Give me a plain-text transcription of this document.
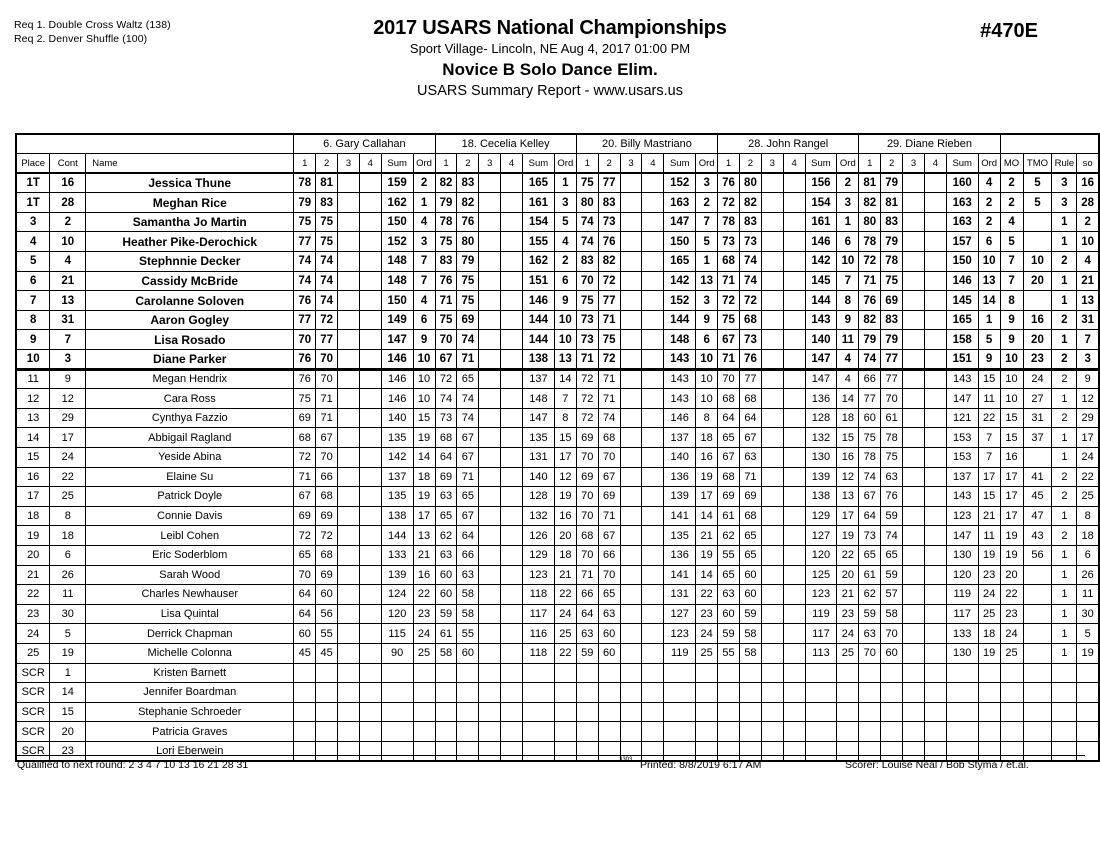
Req 1. Double Cross Waltz (138)
Req 2. Denver Shuffle (100)	2017 USARS National Championships
Sport Village- Lincoln, NE Aug 4, 2017 01:00 PM
Novice B Solo Dance Elim.
USARS Summary Report - www.usars.us
#470E
			6. Gary Callahan						18. Cecelia Kelley						20. Billy Mastriano						28. John Rangel						29. Diane Rieben									
Place	Cont	Name	1	2	3	4	Sum	Ord	1	2	3	4	Sum	Ord	1	2	3	4	Sum	Ord	1	2	3	4	Sum	Ord	1	2	3	4	Sum	Ord	MO	TMO	Rule	so
1T	16	Jessica Thune	78	81			159	2	82	83			165	1	75	77			152	3	76	80			156	2	81	79			160	4	2	5	3	16
1T	28	Meghan Rice	79	83			162	1	79	82			161	3	80	83			163	2	72	82			154	3	82	81			163	2	2	5	3	28
3	2	Samantha Jo Martin	75	75			150	4	78	76			154	5	74	73			147	7	78	83			161	1	80	83			163	2	4		1	2
4	10	Heather Pike-Derochick	77	75			152	3	75	80			155	4	74	76			150	5	73	73			146	6	78	79			157	6	5		1	10
5	4	Stephnnie Decker	74	74			148	7	83	79			162	2	83	82			165	1	68	74			142	10	72	78			150	10	7	10	2	4
6	21	Cassidy McBride	74	74			148	7	76	75			151	6	70	72			142	13	71	74			145	7	71	75			146	13	7	20	1	21
7	13	Carolanne Soloven	76	74			150	4	71	75			146	9	75	77			152	3	72	72			144	8	76	69			145	14	8		1	13
8	31	Aaron Gogley	77	72			149	6	75	69			144	10	73	71			144	9	75	68			143	9	82	83			165	1	9	16	2	31
9	7	Lisa Rosado	70	77			147	9	70	74			144	10	73	75			148	6	67	73			140	11	79	79			158	5	9	20	1	7
10	3	Diane Parker	76	70			146	10	67	71			138	13	71	72			143	10	71	76			147	4	74	77			151	9	10	23	2	3
11	9	Megan Hendrix	76	70			146	10	72	65			137	14	72	71			143	10	70	77			147	4	66	77			143	15	10	24	2	9
12	12	Cara Ross	75	71			146	10	74	74			148	7	72	71			143	10	68	68			136	14	77	70			147	11	10	27	1	12
13	29	Cynthya Fazzio	69	71			140	15	73	74			147	8	72	74			146	8	64	64			128	18	60	61			121	22	15	31	2	29
14	17	Abbigail Ragland	68	67			135	19	68	67			135	15	69	68			137	18	65	67			132	15	75	78			153	7	15	37	1	17
15	24	Yeside Abina	72	70			142	14	64	67			131	17	70	70			140	16	67	63			130	16	78	75			153	7	16		1	24
16	22	Elaine Su	71	66			137	18	69	71			140	12	69	67			136	19	68	71			139	12	74	63			137	17	17	41	2	22
17	25	Patrick Doyle	67	68			135	19	63	65			128	19	70	69			139	17	69	69			138	13	67	76			143	15	17	45	2	25
18	8	Connie Davis	69	69			138	17	65	67			132	16	70	71			141	14	61	68			129	17	64	59			123	21	17	47	1	8
19	18	Leibl Cohen	72	72			144	13	62	64			126	20	68	67			135	21	62	65			127	19	73	74			147	11	19	43	2	18
20	6	Eric Soderblom	65	68			133	21	63	66			129	18	70	66			136	19	55	65			120	22	65	65			130	19	19	56	1	6
21	26	Sarah Wood	70	69			139	16	60	63			123	21	71	70			141	14	65	60			125	20	61	59			120	23	20		1	26
22	11	Charles Newhauser	64	60			124	22	60	58			118	22	66	65			131	22	63	60			123	21	62	57			119	24	22		1	11
23	30	Lisa Quintal	64	56			120	23	59	58			117	24	64	63			127	23	60	59			119	23	59	58			117	25	23		1	30
24	5	Derrick Chapman	60	55			115	24	61	55			116	25	63	60			123	24	59	58			117	24	63	70			133	18	24		1	5
25	19	Michelle Colonna	45	45			90	25	58	60			118	22	59	60			119	25	55	58			113	25	70	60			130	19	25		1	19
SCR	1	Kristen Barnett																																		
SCR	14	Jennifer Boardman																																		
SCR	15	Stephanie Schroeder																																		
SCR	20	Patricia Graves																																		
SCR	23	Lori Eberwein																																		
Qualified to next round: 2 3 4 7 10 13 16 21 28 31	3303 Printed: 8/8/2019 6:17 AM	Scorer: Louise Neal / Bob Styma / et.al.
